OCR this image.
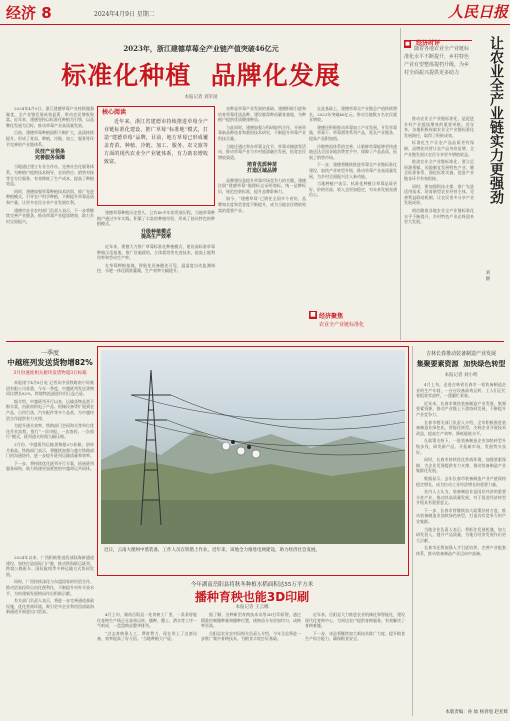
经济 8	2024年4月9日 星期二	人民日报
2023年，浙江建德草莓全产业链产值突破46亿元
标准化种植  品牌化发展
本报记者 刘军国

2024年4月9日，浙江建德草莓产业持续做强做优，全产业链发展成效显著，带动农民增收致富。近年来，建德坚持以标准化种植为引领，以品牌化发展为目标，推动草莓产业高质量发展。

目前，建德草莓种植面积不断扩大，品质持续提升，形成了育苗、种植、冷链、加工、服务等环节完善的产业链体系。

民技产业领条
完善服务保障

当地通过建立专业合作社、完善社会化服务体系，为种植户提供技术指导、农资供应、销售对接等全方位服务，有效降低了生产成本，提高了种植效益。

同时，建德加强草莓种植技术培训，推广先进种植模式，引导农户科学种植，不断提升草莓品质和产量，让更多农民分享产业发展红利。

建德市农业农村部门负责人表示，下一步将继续完善产业链条，推动草莓产业提质增效，助力乡村全面振兴。

核心阅读
近年来，浙江省建德市持续推进草莓全产业链标准化建设，推广草莓“标准地”模式，打造“建德草莓”品牌，目前，地方草莓已形成覆盖育苗、种植、冷链、加工、服务、农文旅等方面的现代农业全产业链体系，有力助农增收致富。

建德草莓种植历史悠久，已有40多年的发展历程。当地草莓种植户通过多年实践，积累了丰富的种植经验，形成了独具特色的种植模式。

升级种植模式
提高生产效率

近年来，建德大力推广草莓标准化种植模式，建设高标准草莓种植示范基地，推广设施栽培、立体栽培等先进技术，提高土地利用率和劳动生产率。

在草莓种植基地，智能化设备随处可见，温湿度自动监测调控，水肥一体化精准灌溉，生产效率大幅提升。

良种是草莓产业发展的基础。建德积极引进和培育草莓优质品种，建设脱毒种苗繁育基地，为种植户提供优质健康种苗。

与此同时，建德加强与科研院所合作，开展草莓新品种选育和栽培技术研究，不断提升草莓产业科技含量。

当地还通过举办草莓文化节、草莓采摘游等活动，推动草莓产业与乡村旅游融合发展，拓宽农民增收渠道。

培育优质种苗
打造区域品牌

品牌建设是提升草莓市场竞争力的关键。建德注册“建德草莓”地理标志证明商标，统一品牌标识，规范包装标准，提升品牌影响力。

如今，“建德草莓”已销往全国多个省份，品牌知名度和美誉度不断提升，成为当地农民增收致富的重要产业。

在此基础上，建德草莓全产业链总产值持续增长，2023年突破46亿元，带动当地数万名农民就业增收。

建德还积极推动草莓加工产业发展，开发草莓酱、草莓干、草莓酒等系列产品，延长产业链条，提高产品附加值。

冷链物流体系的完善，让新鲜草莓能够更快速地送达全国各地消费者手中，保障了产品品质，拓展了销售市场。

下一步，建德将继续推进草莓全产业链标准化建设，加快产业转型升级，推动草莓产业高质量发展，为乡村全面振兴注入新动能。

当地种植户表示，标准化种植让草莓品质更好、价格更高，收入也更加稳定，对未来发展充满信心。

■ 经济聚焦
农业全产业链标准化
■ 经济时评
随着各地农业全产业链标准化水平不断提升，乡村特色产业有望整体提档升级，为乡村全面振兴提供更多助力	让农业全产业链实力更强劲
刘 静

推动农业全产业链标准化，是促进乡村产业提质增效的重要举措。近年来，各地积极探索农业全产业链标准化发展路径，取得了积极成效。

标准化生产让农产品品质更有保障，品牌化经营让农产品身价倍增，全产业链发展让农民分享更多增值收益。

推进农业全产业链标准化，要立足资源禀赋，因地制宜发展特色产业，健全标准体系，强化标准实施，促进产业链各环节有效衔接。

同时，要加强科技支撑，推广先进适用技术，培育新型农业经营主体，完善利益联结机制，让农民更多分享产业发展成果。

相信随着各地农业全产业链标准化水平不断提升，乡村特色产业必将迎来更大发展。

一季度
中越班列发送货物增82%
3月份速度相关板块发货物超3万标箱

本报南宁4月8日电 记者从中国铁路南宁局集团有限公司获悉，今年一季度，中越班列发送货物同比增长82%，跨境物流通道作用日益凸显。

据介绍，中越班列开行以来，运输货物品类不断丰富，由最初的电子产品、机械设备等扩展到农产品、日用百货、汽车配件等多个品类，为中越经贸合作提供有力支撑。

为提升通关效率，铁路部门会同海关等单位优化作业流程，推行“一次申报、一次查验、一次放行”模式，班列通关时间大幅压缩。

3月份，中越班列运输货物超3万标箱，创单月新高。铁路部门表示，将继续加强与越方铁路部门的沟通协作，进一步提升班列运输质量和效率。

下一步，将持续优化班列开行方案，拓展班列服务网络，助力构建更加紧密的中越命运共同体。

2024年以来，广西积极推进西部陆海新通道建设，加快打造国际门户港，推动铁海联运班列、跨境公路班车、国际航线等多种运输方式协同发展。

同时，广西持续深化与东盟国家的经贸合作，推动贸易投资自由化便利化，不断提升对外开放水平，为构建新发展格局作出积极贡献。

有关部门负责人表示，将进一步完善通道基础设施，优化营商环境，吸引更多企业利用西部陆海新通道开展进出口贸易。

近日，云南大理州中盾装备，工作人员在铁塔上作业。近年来，该地全力推进电网建设，助力经济社会发展。
今年湖南岳阳县将秋冬种植水稻面积达55万平方米
播种育秧也能3D印刷
本报记者 王云娜

4月上旬，湖南岳阳县一处育秧工厂里，一条条智能化育秧生产线正在高效运转，播种、覆土、洒水等工序一气呵成，一盘盘秧苗整齐排列。

“过去育秧靠人工，费时费力，现在用上了这套设备，效率提高了好几倍。”当地种粮大户说。

据了解，这种新型育秧技术采用3D打印原理，通过精准控制播种量和播种位置，使秧苗分布更加均匀，成秧率更高。

岳阳县农业农村局相关负责人介绍，今年全县将进一步推广集中育秧技术，为粮食丰收打好基础。

近年来，岳阳县大力推进农业机械化和智能化，建设现代化育秧中心，为周边农户提供育秧服务，有效解决了育秧难题。

下一步，该县将继续加大新技术推广力度，提升粮食生产综合能力，确保粮食安全。

吉林长春推动装备制造产业发展
集聚要素资源  加快绿色转型
本报记者 刘小明

4月上旬，走进吉林省长春市一家装备制造企业的生产车间，一台台设备高效运转，工人们正忙着组装零部件，一派繁忙景象。

近年来，长春市聚焦装备制造产业发展，集聚要素资源，推动产业链上下游协同发展，不断提升产业竞争力。

长春市相关部门负责人介绍，全市积极推进装备制造业绿色化、智能化转型，支持企业开展技术改造，提高生产效率，降低能耗水平。

在政策支持下，一批装备制造企业加快转型升级步伐，研发新产品、开拓新市场，发展势头良好。

同时，长春市持续优化营商环境，加强要素保障，为企业发展提供有力支撑，推动装备制造产业集群化发展。

数据显示，去年长春市装备制造产业产值保持稳定增长，成为拉动工业经济增长的重要力量。

业内人士认为，装备制造业是国民经济的重要支柱产业，推动其高质量发展，对于促进经济转型升级具有重要意义。

下一步，长春市将继续加大政策扶持力度，推动装备制造业加快绿色转型，打造具有竞争力的产业集群。

当地企业负责人表示，将抓住发展机遇，加大研发投入，提升产品质量，为地方经济发展作出更大贡献。

长春市还将加强人才引进培养，完善产业配套体系，推动装备制造产业迈向中高端。

本版责编：孙 灿 杨春旭 赵亚辉
